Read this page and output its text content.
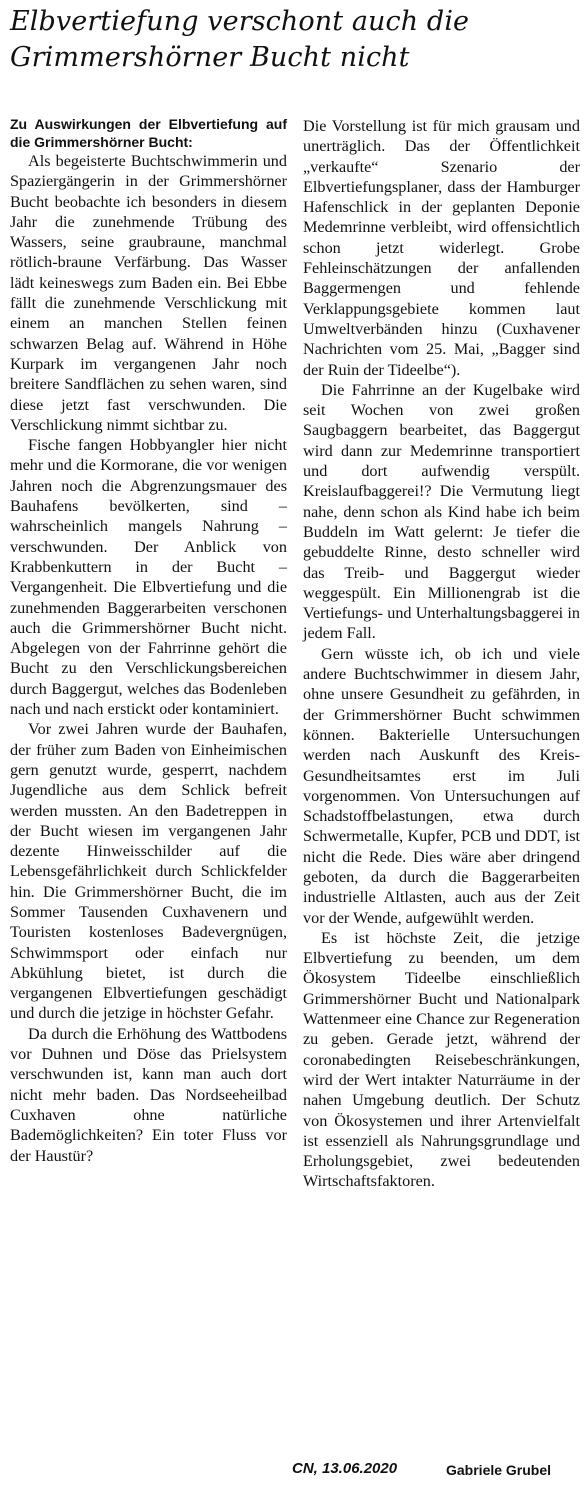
Elbvertiefung verschont auch die
Grimmershörner Bucht nicht

Zu Auswirkungen der Elbvertiefung auf die Grimmershörner Bucht:

Als begeisterte Buchtschwimmerin und Spaziergängerin in der Grimmershörner Bucht beobachte ich besonders in diesem Jahr die zunehmende Trübung des Wassers, seine graubraune, manchmal rötlich-braune Verfärbung. Das Wasser lädt keineswegs zum Baden ein. Bei Ebbe fällt die zunehmende Verschlickung mit einem an manchen Stellen feinen schwarzen Belag auf. Während in Höhe Kurpark im vergangenen Jahr noch breitere Sandflächen zu sehen waren, sind diese jetzt fast verschwunden. Die Verschlickung nimmt sichtbar zu.

Fische fangen Hobbyangler hier nicht mehr und die Kormorane, die vor wenigen Jahren noch die Abgrenzungsmauer des Bauhafens bevölkerten, sind – wahrscheinlich mangels Nahrung – verschwunden. Der Anblick von Krabbenkuttern in der Bucht – Vergangenheit. Die Elbvertiefung und die zunehmenden Baggerarbeiten verschonen auch die Grimmershörner Bucht nicht. Abgelegen von der Fahrrinne gehört die Bucht zu den Verschlickungsbereichen durch Baggergut, welches das Bodenleben nach und nach erstickt oder kontaminiert.

Vor zwei Jahren wurde der Bauhafen, der früher zum Baden von Einheimischen gern genutzt wurde, gesperrt, nachdem Jugendliche aus dem Schlick befreit werden mussten. An den Badetreppen in der Bucht wiesen im vergangenen Jahr dezente Hinweisschilder auf die Lebensgefährlichkeit durch Schlickfelder hin. Die Grimmershörner Bucht, die im Sommer Tausenden Cuxhavenern und Touristen kostenloses Badevergnügen, Schwimmsport oder einfach nur Abkühlung bietet, ist durch die vergangenen Elbvertiefungen geschädigt und durch die jetzige in höchster Gefahr.

Da durch die Erhöhung des Wattbodens vor Duhnen und Döse das Prielsystem verschwunden ist, kann man auch dort nicht mehr baden. Das Nordseeheilbad Cuxhaven ohne natürliche Bademöglichkeiten? Ein toter Fluss vor der Haustür?

Die Vorstellung ist für mich grausam und unerträglich. Das der Öffentlichkeit „verkaufte“ Szenario der Elbvertiefungsplaner, dass der Hamburger Hafenschlick in der geplanten Deponie Medemrinne verbleibt, wird offensichtlich schon jetzt widerlegt. Grobe Fehleinschätzungen der anfallenden Baggermengen und fehlende Verklappungsgebiete kommen laut Umweltverbänden hinzu (Cuxhavener Nachrichten vom 25. Mai, „Bagger sind der Ruin der Tideelbe“).

Die Fahrrinne an der Kugelbake wird seit Wochen von zwei großen Saugbaggern bearbeitet, das Baggergut wird dann zur Medemrinne transportiert und dort aufwendig verspült. Kreislaufbaggerei!? Die Vermutung liegt nahe, denn schon als Kind habe ich beim Buddeln im Watt gelernt: Je tiefer die gebuddelte Rinne, desto schneller wird das Treib- und Baggergut wieder weggespült. Ein Millionengrab ist die Vertiefungs- und Unterhaltungsbaggerei in jedem Fall.

Gern wüsste ich, ob ich und viele andere Buchtschwimmer in diesem Jahr, ohne unsere Gesundheit zu gefährden, in der Grimmershörner Bucht schwimmen können. Bakterielle Untersuchungen werden nach Auskunft des Kreis-Gesundheitsamtes erst im Juli vorgenommen. Von Untersuchungen auf Schadstoffbelastungen, etwa durch Schwermetalle, Kupfer, PCB und DDT, ist nicht die Rede. Dies wäre aber dringend geboten, da durch die Baggerarbeiten industrielle Altlasten, auch aus der Zeit vor der Wende, aufgewühlt werden.

Es ist höchste Zeit, die jetzige Elbvertiefung zu beenden, um dem Ökosystem Tideelbe einschließlich Grimmershörner Bucht und Nationalpark Wattenmeer eine Chance zur Regeneration zu geben. Gerade jetzt, während der coronabedingten Reisebeschränkungen, wird der Wert intakter Naturräume in der nahen Umgebung deutlich. Der Schutz von Ökosystemen und ihrer Artenvielfalt ist essenziell als Nahrungsgrundlage und Erholungsgebiet, zwei bedeutenden Wirtschaftsfaktoren.

CN, 13.06.2020	Gabriele Grubel
